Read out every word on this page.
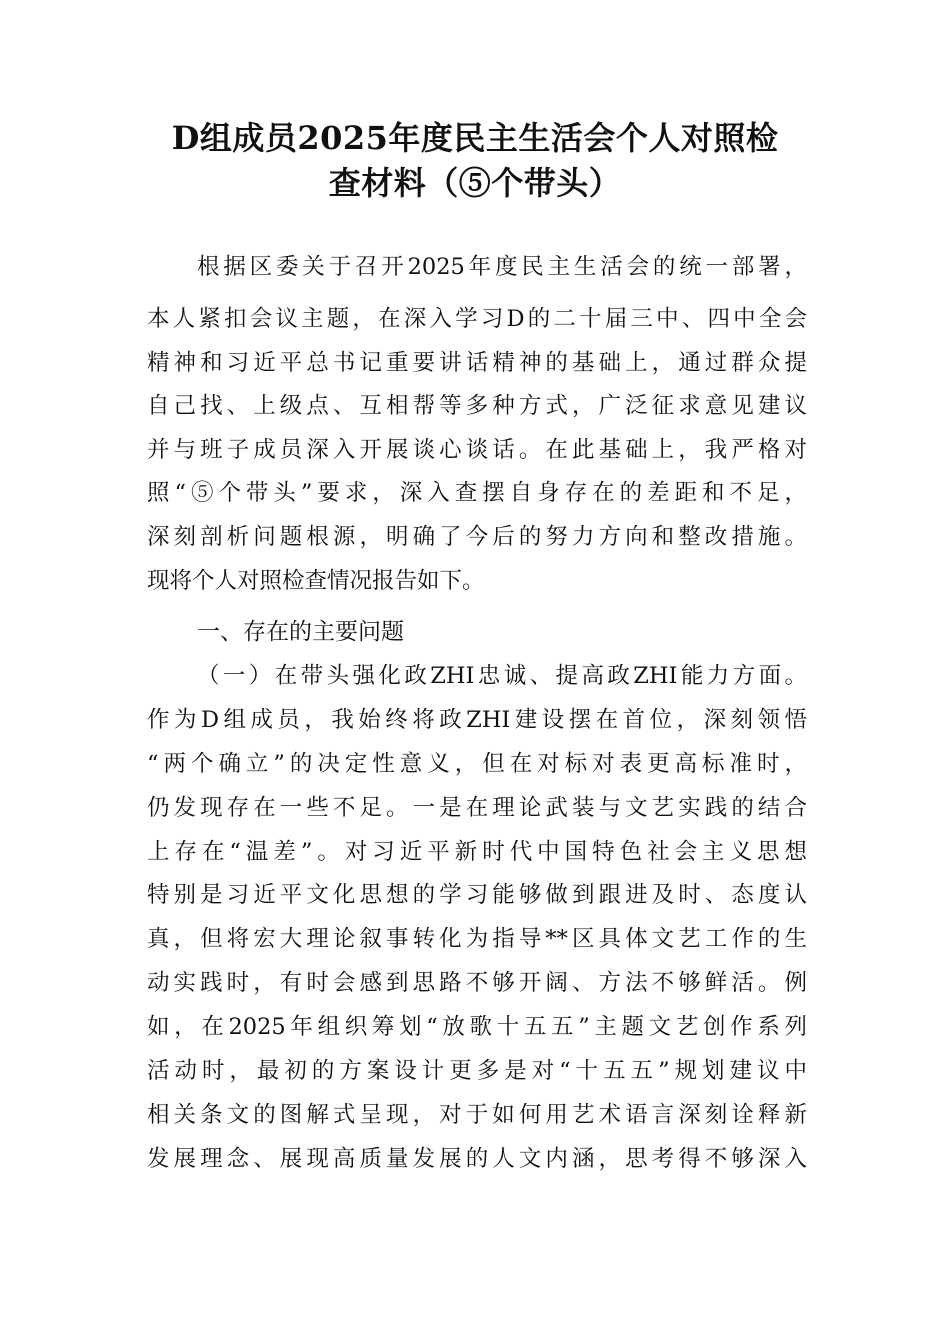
D组成员2025年度民主生活会个人对照检
查材料（⑤个带头）
根据区委关于召开2025年度民主生活会的统一部署，
本人紧扣会议主题，在深入学习D的二十届三中、四中全会
精神和习近平总书记重要讲话精神的基础上，通过群众提
自己找、上级点、互相帮等多种方式，广泛征求意见建议
并与班子成员深入开展谈心谈话。在此基础上，我严格对
照“⑤个带头”要求，深入查摆自身存在的差距和不足，
深刻剖析问题根源，明确了今后的努力方向和整改措施。
现将个人对照检查情况报告如下。
一、存在的主要问题
（一）在带头强化政ZHI忠诚、提高政ZHI能力方面。
作为D组成员，我始终将政ZHI建设摆在首位，深刻领悟
“两个确立”的决定性意义，但在对标对表更高标准时，
仍发现存在一些不足。一是在理论武装与文艺实践的结合
上存在“温差”。对习近平新时代中国特色社会主义思想
特别是习近平文化思想的学习能够做到跟进及时、态度认
真，但将宏大理论叙事转化为指导**区具体文艺工作的生
动实践时，有时会感到思路不够开阔、方法不够鲜活。例
如，在2025年组织筹划“放歌十五五”主题文艺创作系列
活动时，最初的方案设计更多是对“十五五”规划建议中
相关条文的图解式呈现，对于如何用艺术语言深刻诠释新
发展理念、展现高质量发展的人文内涵，思考得不够深入
